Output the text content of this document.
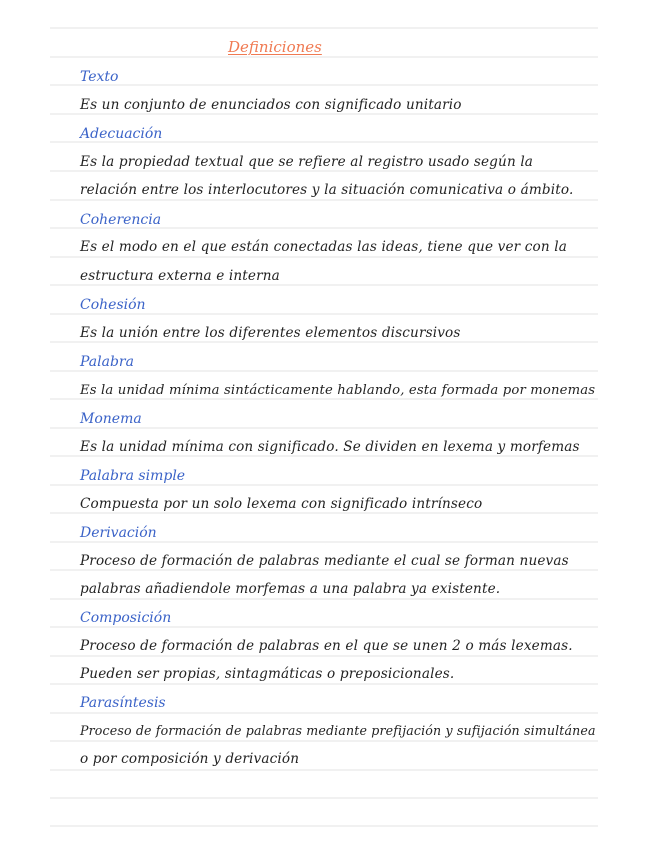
Definiciones
Texto
Es un conjunto de enunciados con significado unitario
Adecuación
Es la propiedad textual que se refiere al registro usado según la
relación entre los interlocutores y la situación comunicativa o ámbito.
Coherencia
Es el modo en el que están conectadas las ideas, tiene que ver con la
estructura externa e interna
Cohesión
Es la unión entre los diferentes elementos discursivos
Palabra
Es la unidad mínima sintácticamente hablando, esta formada por monemas
Monema
Es la unidad mínima con significado. Se dividen en lexema y morfemas
Palabra simple
Compuesta por un solo lexema con significado intrínseco
Derivación
Proceso de formación de palabras mediante el cual se forman nuevas
palabras añadiendole morfemas a una palabra ya existente.
Composición
Proceso de formación de palabras en el que se unen 2 o más lexemas.
Pueden ser propias, sintagmáticas o preposicionales.
Parasíntesis
Proceso de formación de palabras mediante prefijación y sufijación simultánea
o por composición y derivación
